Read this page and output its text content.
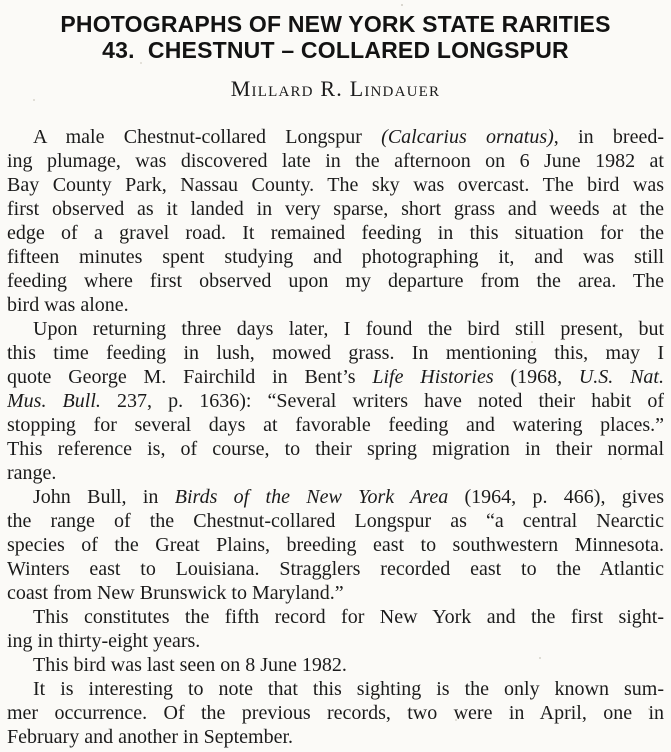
PHOTOGRAPHS OF NEW YORK STATE RARITIES
43.  CHESTNUT – COLLARED LONGSPUR
Millard R. Lindauer
A male Chestnut-collared Longspur (Calcarius ornatus), in breed-
ing plumage, was discovered late in the afternoon on 6 June 1982 at
Bay County Park, Nassau County. The sky was overcast. The bird was
first observed as it landed in very sparse, short grass and weeds at the
edge of a gravel road. It remained feeding in this situation for the
fifteen minutes spent studying and photographing it, and was still
feeding where first observed upon my departure from the area. The
bird was alone.
Upon returning three days later, I found the bird still present, but
this time feeding in lush, mowed grass. In mentioning this, may I
quote George M. Fairchild in Bent’s Life Histories (1968, U.S. Nat.
Mus. Bull. 237, p. 1636): “Several writers have noted their habit of
stopping for several days at favorable feeding and watering places.”
This reference is, of course, to their spring migration in their normal
range.
John Bull, in Birds of the New York Area (1964, p. 466), gives
the range of the Chestnut-collared Longspur as “a central Nearctic
species of the Great Plains, breeding east to southwestern Minnesota.
Winters east to Louisiana. Stragglers recorded east to the Atlantic
coast from New Brunswick to Maryland.”
This constitutes the fifth record for New York and the first sight-
ing in thirty-eight years.
This bird was last seen on 8 June 1982.
It is interesting to note that this sighting is the only known sum-
mer occurrence. Of the previous records, two were in April, one in
February and another in September.
